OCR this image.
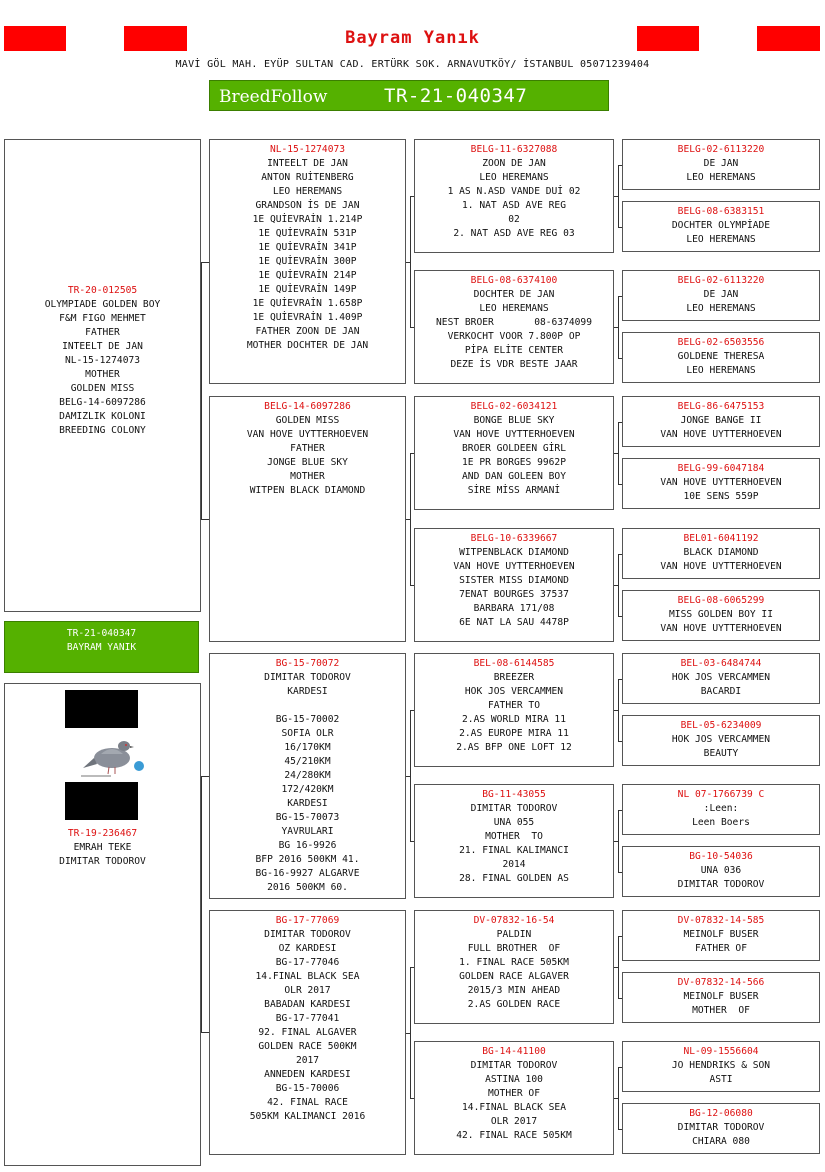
Bayram Yanık
MAVİ GÖL MAH. EYÜP SULTAN CAD. ERTÜRK SOK. ARNAVUTKÖY/ İSTANBUL 05071239404
BreedFollow	TR-21-040347
TR-20-012505
OLYMPIADE GOLDEN BOY
F&M FIGO MEHMET
FATHER
INTEELT DE JAN
NL-15-1274073
MOTHER
GOLDEN MISS
BELG-14-6097286
DAMIZLIK KOLONI
BREEDING COLONY
TR-21-040347
BAYRAM YANIK
TR-19-236467
EMRAH TEKE
DIMITAR TODOROV
NL-15-1274073
INTEELT DE JAN
ANTON RUİTENBERG
LEO HEREMANS
GRANDSON İS DE JAN
1E QUİEVRAİN 1.214P
1E QUİEVRAİN 531P
1E QUİEVRAİN 341P
1E QUİEVRAİN 300P
1E QUİEVRAİN 214P
1E QUİEVRAİN 149P
1E QUİEVRAİN 1.658P
1E QUİEVRAİN 1.409P
FATHER ZOON DE JAN
MOTHER DOCHTER DE JAN
BELG-14-6097286
GOLDEN MISS
VAN HOVE UYTTERHOEVEN
FATHER
JONGE BLUE SKY
MOTHER
WITPEN BLACK DIAMOND
BG-15-70072
DIMITAR TODOROV
KARDESI

BG-15-70002
SOFIA OLR
16/170KM
45/210KM
24/280KM
172/420KM
KARDESI
BG-15-70073
YAVRULARI
BG 16-9926
BFP 2016 500KM 41.
BG-16-9927 ALGARVE
2016 500KM 60.
BG-17-77069
DIMITAR TODOROV
OZ KARDESI
BG-17-77046
14.FINAL BLACK SEA
OLR 2017
BABADAN KARDESI
BG-17-77041
92. FINAL ALGAVER
GOLDEN RACE 500KM
2017
ANNEDEN KARDESI
BG-15-70006
42. FINAL RACE
505KM KALIMANCI 2016
BELG-11-6327088
ZOON DE JAN
LEO HEREMANS
1 AS N.ASD VANDE DUİ 02
1. NAT ASD AVE REG
02
2. NAT ASD AVE REG 03
BELG-08-6374100
DOCHTER DE JAN
LEO HEREMANS
NEST BROER       08-6374099
VERKOCHT VOOR 7.800P OP
PİPA ELİTE CENTER
DEZE İS VDR BESTE JAAR
BELG-02-6034121
BONGE BLUE SKY
VAN HOVE UYTTERHOEVEN
BROER GOLDEEN GİRL
1E PR BORGES 9962P
AND DAN GOLEEN BOY
SİRE MİSS ARMANİ
BELG-10-6339667
WITPENBLACK DIAMOND
VAN HOVE UYTTERHOEVEN
SISTER MISS DIAMOND
7ENAT BOURGES 37537
BARBARA 171/08
6E NAT LA SAU 4478P
BEL-08-6144585
BREEZER
HOK JOS VERCAMMEN
FATHER TO
2.AS WORLD MIRA 11
2.AS EUROPE MIRA 11
2.AS BFP ONE LOFT 12
BG-11-43055
DIMITAR TODOROV
UNA 055
MOTHER  TO
21. FINAL KALIMANCI
2014
28. FINAL GOLDEN AS
DV-07832-16-54
PALDIN
FULL BROTHER  OF
1. FINAL RACE 505KM
GOLDEN RACE ALGAVER
2015/3 MIN AHEAD
2.AS GOLDEN RACE
BG-14-41100
DIMITAR TODOROV
ASTINA 100
MOTHER OF
14.FINAL BLACK SEA
OLR 2017
42. FINAL RACE 505KM
BELG-02-6113220
DE JAN
LEO HEREMANS
BELG-08-6383151
DOCHTER OLYMPİADE
LEO HEREMANS
BELG-02-6113220
DE JAN
LEO HEREMANS
BELG-02-6503556
GOLDENE THERESA
LEO HEREMANS
BELG-86-6475153
JONGE BANGE II
VAN HOVE UYTTERHOEVEN
BELG-99-6047184
VAN HOVE UYTTERHOEVEN
10E SENS 559P
BEL01-6041192
BLACK DIAMOND
VAN HOVE UYTTERHOEVEN
BELG-08-6065299
MISS GOLDEN BOY II
VAN HOVE UYTTERHOEVEN
BEL-03-6484744
HOK JOS VERCAMMEN
BACARDI
BEL-05-6234009
HOK JOS VERCAMMEN
BEAUTY
NL 07-1766739 C
:Leen:
Leen Boers
BG-10-54036
UNA 036
DIMITAR TODOROV
DV-07832-14-585
MEINOLF BUSER
FATHER OF
DV-07832-14-566
MEINOLF BUSER
MOTHER  OF
NL-09-1556604
JO HENDRIKS & SON
ASTI
BG-12-06080
DIMITAR TODOROV
CHIARA 080
